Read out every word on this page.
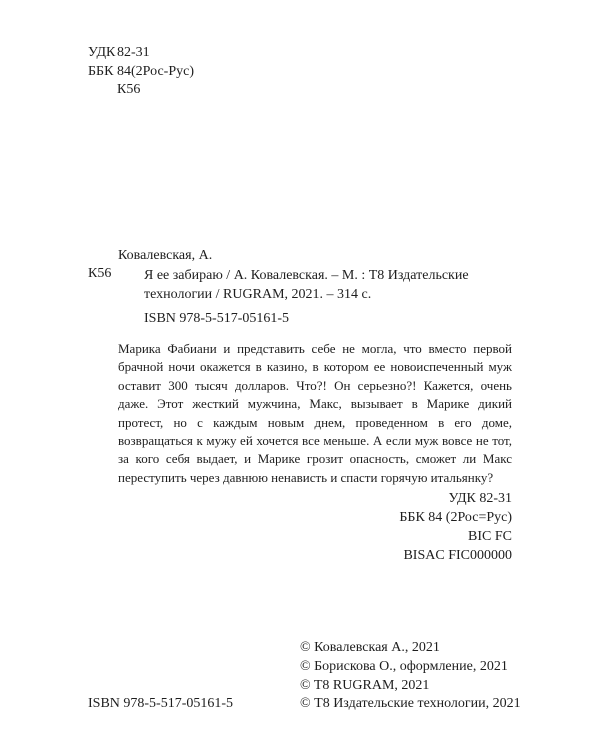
УДК 82-31
ББК 84(2Рос-Рус)
К56
Ковалевская, А.
К56 Я ее забираю / А. Ковалевская. – М. : Т8 Издательские технологии / RUGRAM, 2021. – 314 с.
ISBN 978-5-517-05161-5
Марика Фабиани и представить себе не могла, что вместо первой брачной ночи окажется в казино, в котором ее новоиспеченный муж оставит 300 тысяч долларов. Что?! Он серьезно?! Кажется, очень даже. Этот жесткий мужчина, Макс, вызывает в Марике дикий протест, но с каждым новым днем, проведенном в его доме, возвращаться к мужу ей хочется все меньше. А если муж вовсе не тот, за кого себя выдает, и Марике грозит опасность, сможет ли Макс переступить через давнюю ненависть и спасти горячую итальянку?
УДК 82-31
ББК 84 (2Рос=Рус)
BIC FC
BISAC FIC000000
© Ковалевская А., 2021
© Борискова О., оформление, 2021
© T8 RUGRAM, 2021
© Т8 Издательские технологии, 2021
ISBN 978-5-517-05161-5
